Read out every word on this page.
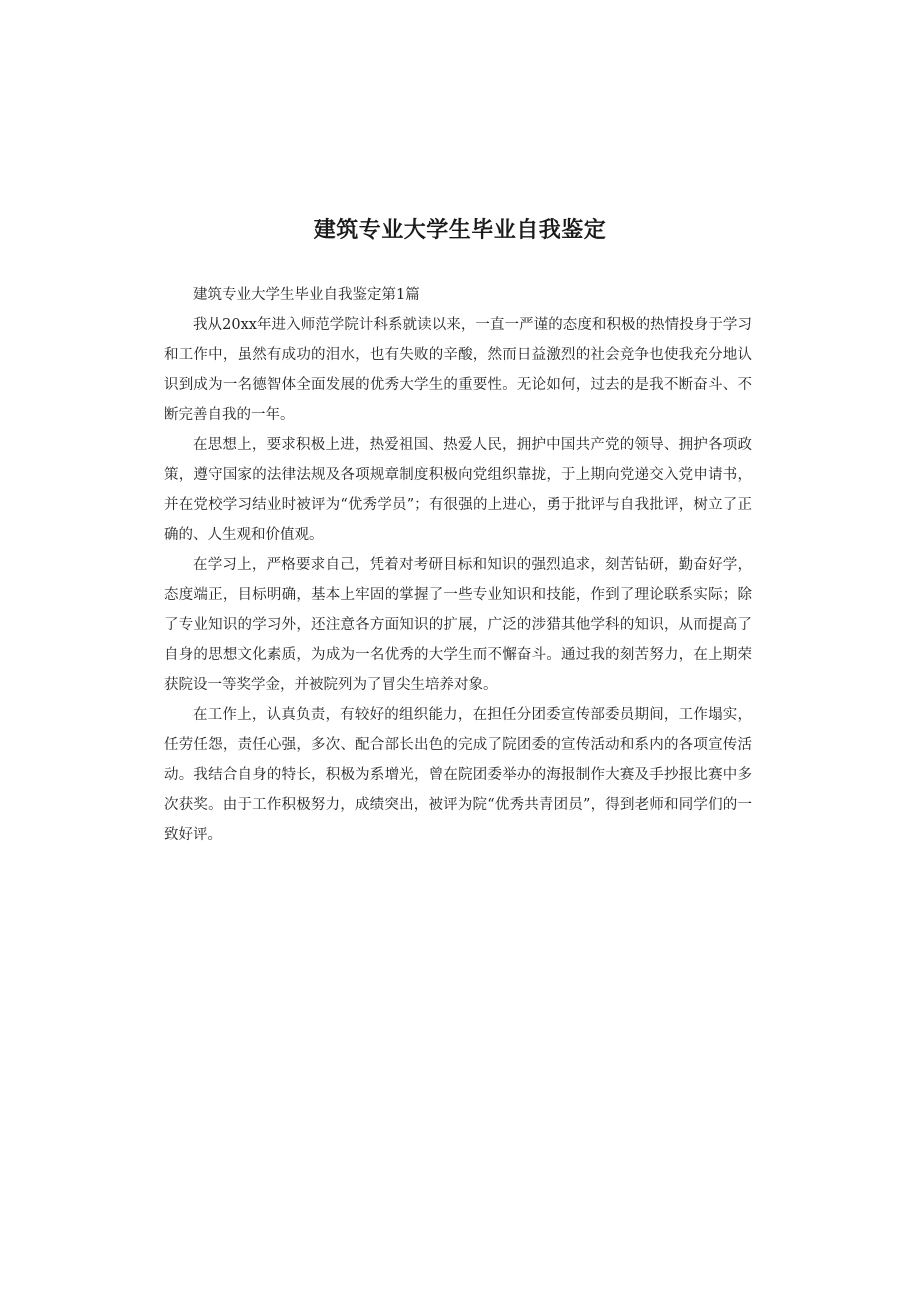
建筑专业大学生毕业自我鉴定

建筑专业大学生毕业自我鉴定第1篇

我从20xx年进入师范学院计科系就读以来，一直一严谨的态度和积极的热情投身于学习和工作中，虽然有成功的泪水，也有失败的辛酸，然而日益激烈的社会竞争也使我充分地认识到成为一名德智体全面发展的优秀大学生的重要性。无论如何，过去的是我不断奋斗、不断完善自我的一年。

在思想上，要求积极上进，热爱祖国、热爱人民，拥护中国共产党的领导、拥护各项政策，遵守国家的法律法规及各项规章制度积极向党组织靠拢，于上期向党递交入党申请书，并在党校学习结业时被评为“优秀学员”；有很强的上进心，勇于批评与自我批评，树立了正确的、人生观和价值观。

在学习上，严格要求自己，凭着对考研目标和知识的强烈追求，刻苦钻研，勤奋好学，态度端正，目标明确，基本上牢固的掌握了一些专业知识和技能，作到了理论联系实际；除了专业知识的学习外，还注意各方面知识的扩展，广泛的涉猎其他学科的知识，从而提高了自身的思想文化素质，为成为一名优秀的大学生而不懈奋斗。通过我的刻苦努力，在上期荣获院设一等奖学金，并被院列为了冒尖生培养对象。

在工作上，认真负责，有较好的组织能力，在担任分团委宣传部委员期间，工作塌实，任劳任怨，责任心强，多次、配合部长出色的完成了院团委的宣传活动和系内的各项宣传活动。我结合自身的特长，积极为系增光，曾在院团委举办的海报制作大赛及手抄报比赛中多次获奖。由于工作积极努力，成绩突出，被评为院“优秀共青团员”，得到老师和同学们的一致好评。
